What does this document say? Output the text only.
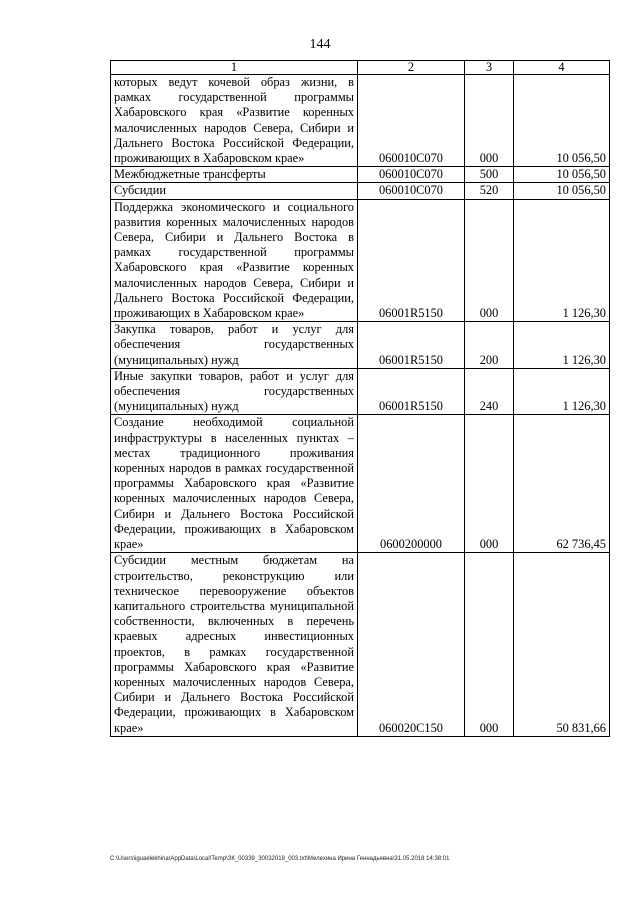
144
1	2	3	4
которых ведут кочевой образ жизни, в рамках государственной программы Хабаровского края «Развитие коренных малочисленных народов Севера, Сибири и Дальнего Востока Российской Федерации, проживающих в Хабаровском крае»	060010C070	000	10 056,50
Межбюджетные трансферты	060010C070	500	10 056,50
Субсидии	060010C070	520	10 056,50
Поддержка экономического и социального развития коренных малочисленных народов Севера, Сибири и Дальнего Востока в рамках государственной программы Хабаровского края «Развитие коренных малочисленных народов Севера, Сибири и Дальнего Востока Российской Федерации, проживающих в Хабаровском крае»	06001R5150	000	1 126,30
Закупка товаров, работ и услуг для обеспечения государственных (муниципальных) нужд	06001R5150	200	1 126,30
Иные закупки товаров, работ и услуг для обеспечения государственных (муниципальных) нужд	06001R5150	240	1 126,30
Создание необходимой социальной инфраструктуры в населенных пунктах – местах традиционного проживания коренных народов в рамках государственной программы Хабаровского края «Развитие коренных малочисленных народов Севера, Сибири и Дальнего Востока Российской Федерации, проживающих в Хабаровском крае»	0600200000	000	62 736,45
Субсидии местным бюджетам на строительство, реконструкцию или техническое перевооружение объектов капитального строительства муниципальной собственности, включенных в перечень краевых адресных инвестиционных проектов, в рамках государственной программы Хабаровского края «Развитие коренных малочисленных народов Севера, Сибири и Дальнего Востока Российской Федерации, проживающих в Хабаровском крае»	060020C150	000	50 831,66
C:\Users\iguaelekhina\AppData\Local\Temp\ЗК_00339_30032018_003.txt\Мелехина Ирина Геннадьевна\31.05.2018 14:38:01
